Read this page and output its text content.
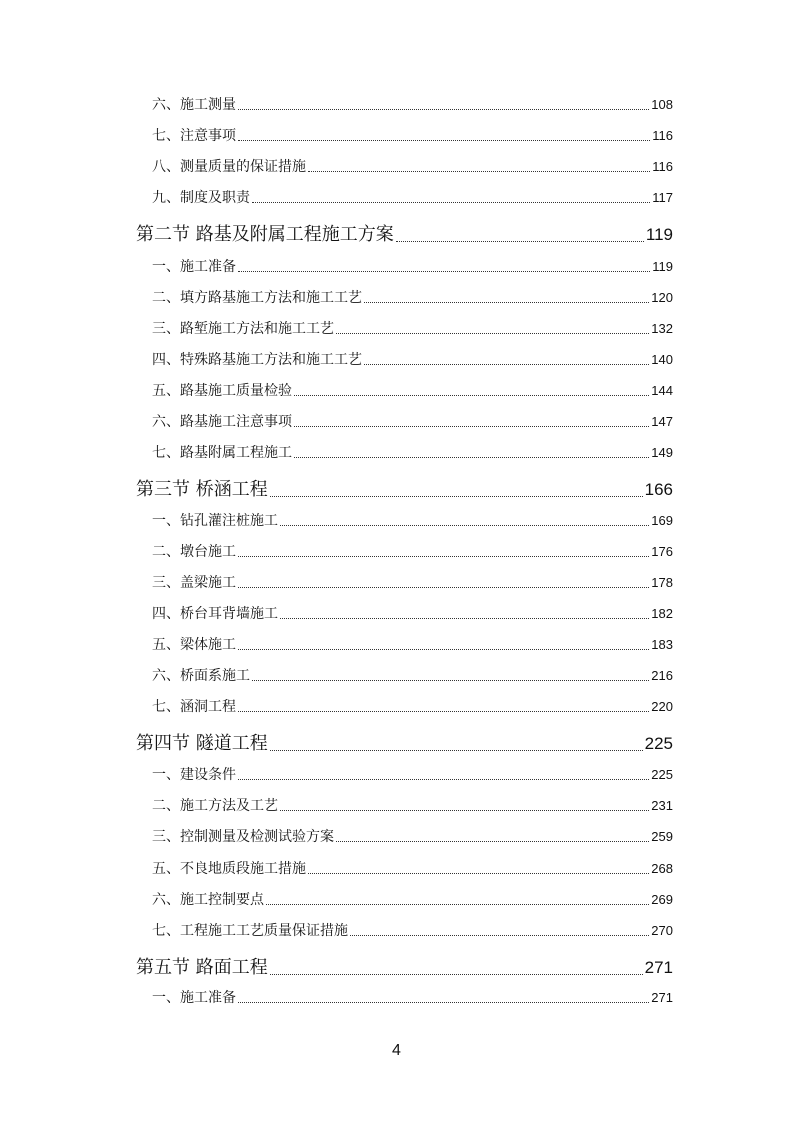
六、施工测量	108
七、注意事项	116
八、测量质量的保证措施	116
九、制度及职责	117
第二节 路基及附属工程施工方案	119
一、施工准备	119
二、填方路基施工方法和施工工艺	120
三、路堑施工方法和施工工艺	132
四、特殊路基施工方法和施工工艺	140
五、路基施工质量检验	144
六、路基施工注意事项	147
七、路基附属工程施工	149
第三节 桥涵工程	166
一、钻孔灌注桩施工	169
二、墩台施工	176
三、盖梁施工	178
四、桥台耳背墙施工	182
五、梁体施工	183
六、桥面系施工	216
七、涵洞工程	220
第四节 隧道工程	225
一、建设条件	225
二、施工方法及工艺	231
三、控制测量及检测试验方案	259
五、不良地质段施工措施	268
六、施工控制要点	269
七、工程施工工艺质量保证措施	270
第五节 路面工程	271
一、施工准备	271
4
